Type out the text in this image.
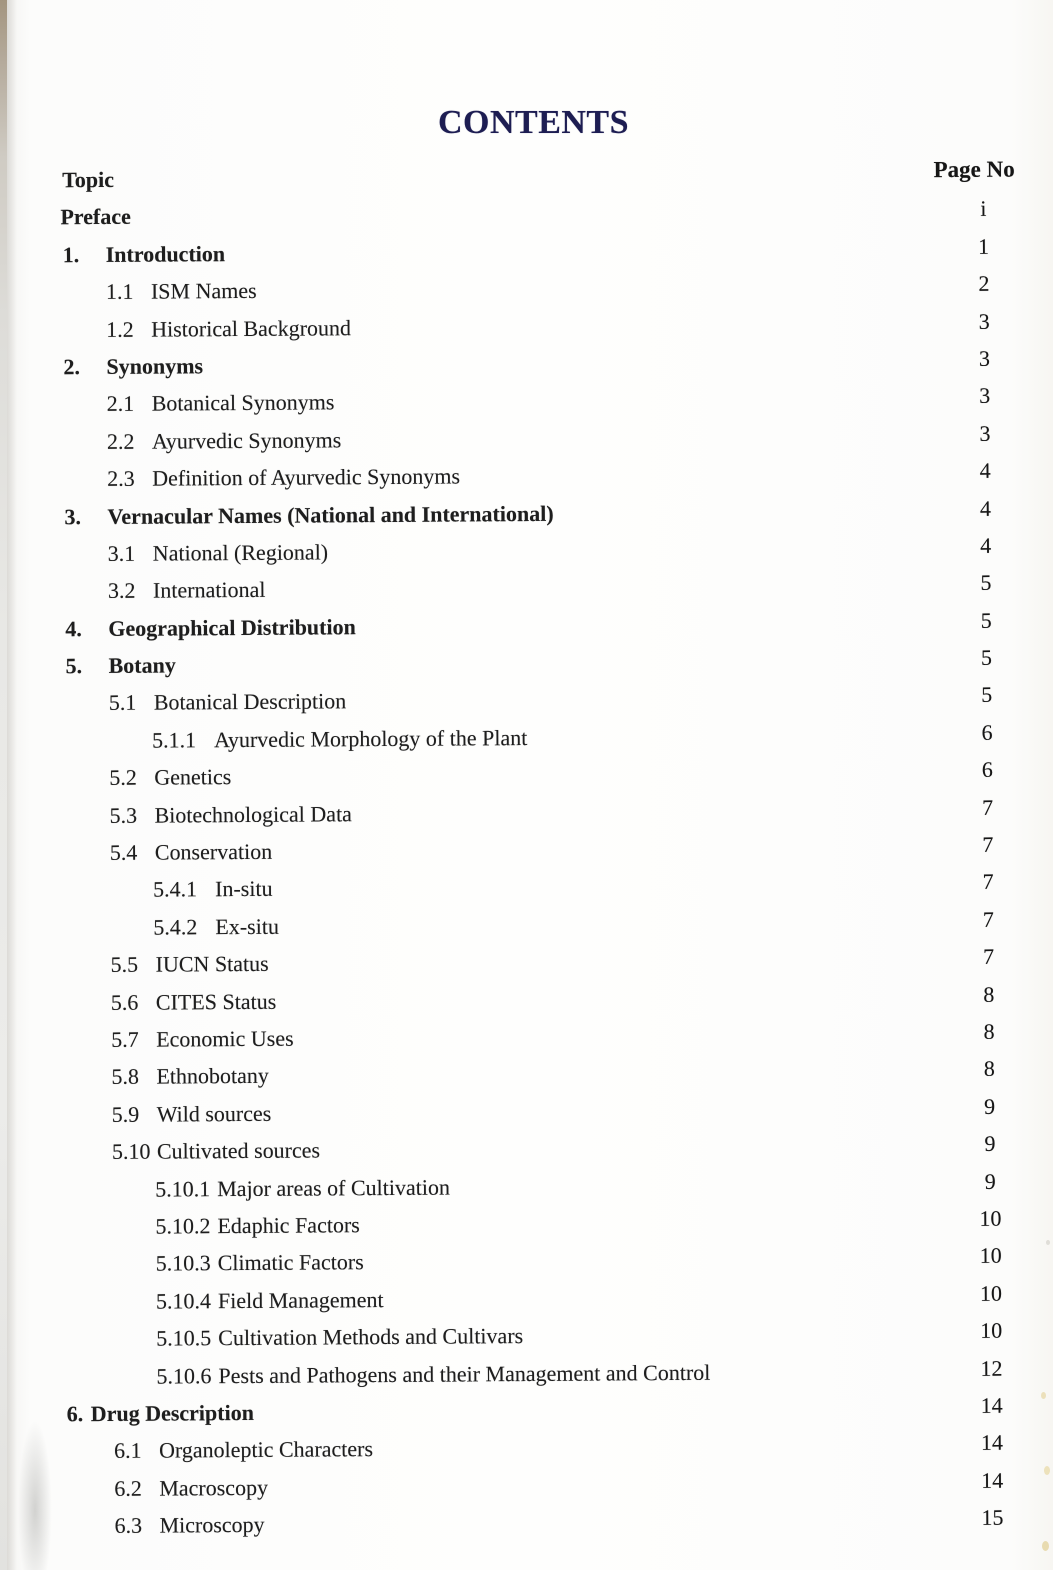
CONTENTS
Topic	Page No
Preface	i
1.	Introduction	1
1.1 ISM Names	2
1.2 Historical Background	3
2.	Synonyms	3
2.1 Botanical Synonyms	3
2.2 Ayurvedic Synonyms	3
2.3 Definition of Ayurvedic Synonyms	4
3.	Vernacular Names (National and International)	4
3.1 National (Regional)	4
3.2 International	5
4.	Geographical Distribution	5
5.	Botany	5
5.1 Botanical Description	5
5.1.1 Ayurvedic Morphology of the Plant	6
5.2 Genetics	6
5.3 Biotechnological Data	7
5.4 Conservation	7
5.4.1 In-situ	7
5.4.2 Ex-situ	7
5.5 IUCN Status	7
5.6 CITES Status	8
5.7 Economic Uses	8
5.8 Ethnobotany	8
5.9 Wild sources	9
5.10 Cultivated sources	9
5.10.1 Major areas of Cultivation	9
5.10.2 Edaphic Factors	10
5.10.3 Climatic Factors	10
5.10.4 Field Management	10
5.10.5 Cultivation Methods and Cultivars	10
5.10.6 Pests and Pathogens and their Management and Control	12
6. Drug Description	14
6.1 Organoleptic Characters	14
6.2 Macroscopy	14
6.3 Microscopy	15
